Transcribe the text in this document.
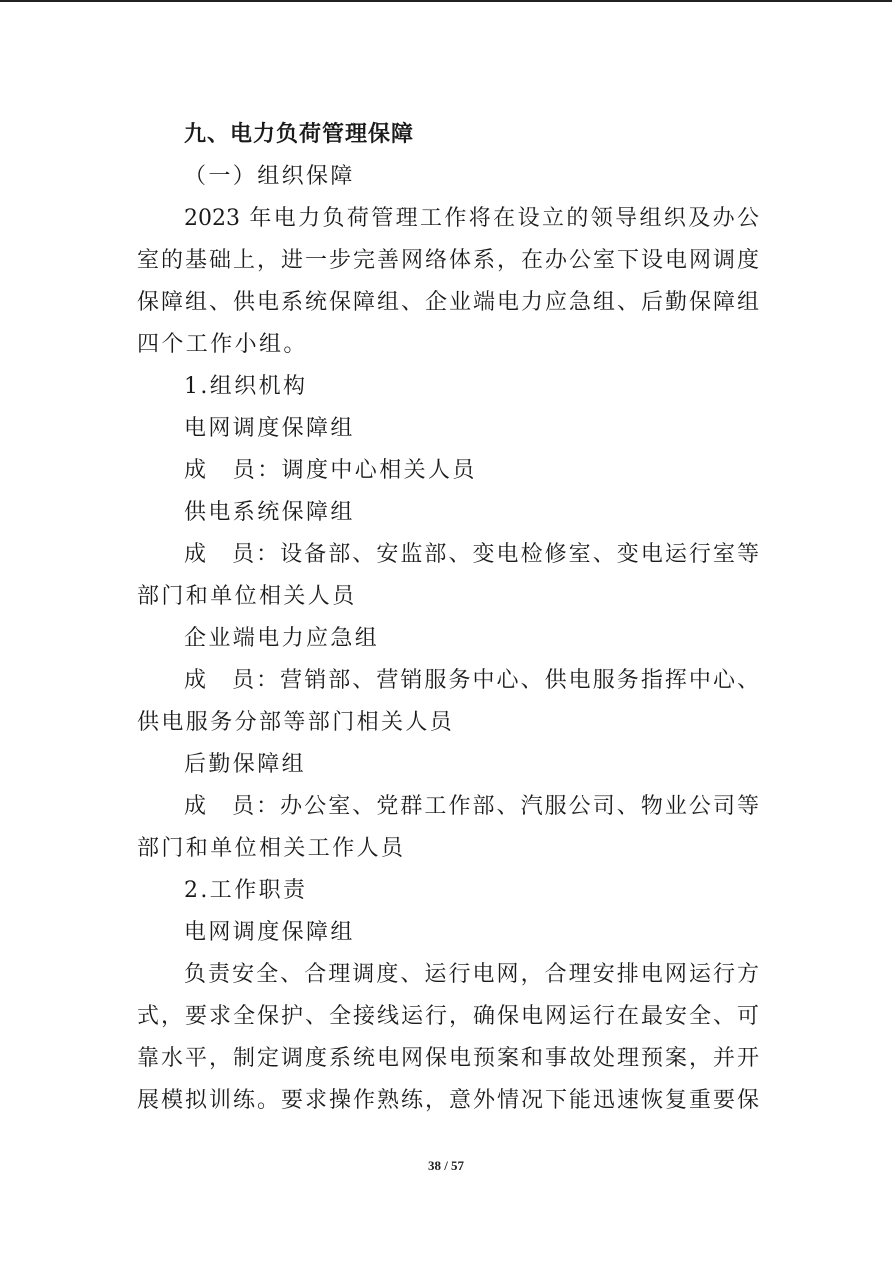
九、电力负荷管理保障
（一）组织保障
2023 年电力负荷管理工作将在设立的领导组织及办公
室的基础上，进一步完善网络体系，在办公室下设电网调度
保障组、供电系统保障组、企业端电力应急组、后勤保障组
四个工作小组。
1.组织机构
电网调度保障组
成　员：调度中心相关人员
供电系统保障组
成　员：设备部、安监部、变电检修室、变电运行室等
部门和单位相关人员
企业端电力应急组
成　员：营销部、营销服务中心、供电服务指挥中心、
供电服务分部等部门相关人员
后勤保障组
成　员：办公室、党群工作部、汽服公司、物业公司等
部门和单位相关工作人员
2.工作职责
电网调度保障组
负责安全、合理调度、运行电网，合理安排电网运行方
式，要求全保护、全接线运行，确保电网运行在最安全、可
靠水平，制定调度系统电网保电预案和事故处理预案，并开
展模拟训练。要求操作熟练，意外情况下能迅速恢复重要保
38 / 57
